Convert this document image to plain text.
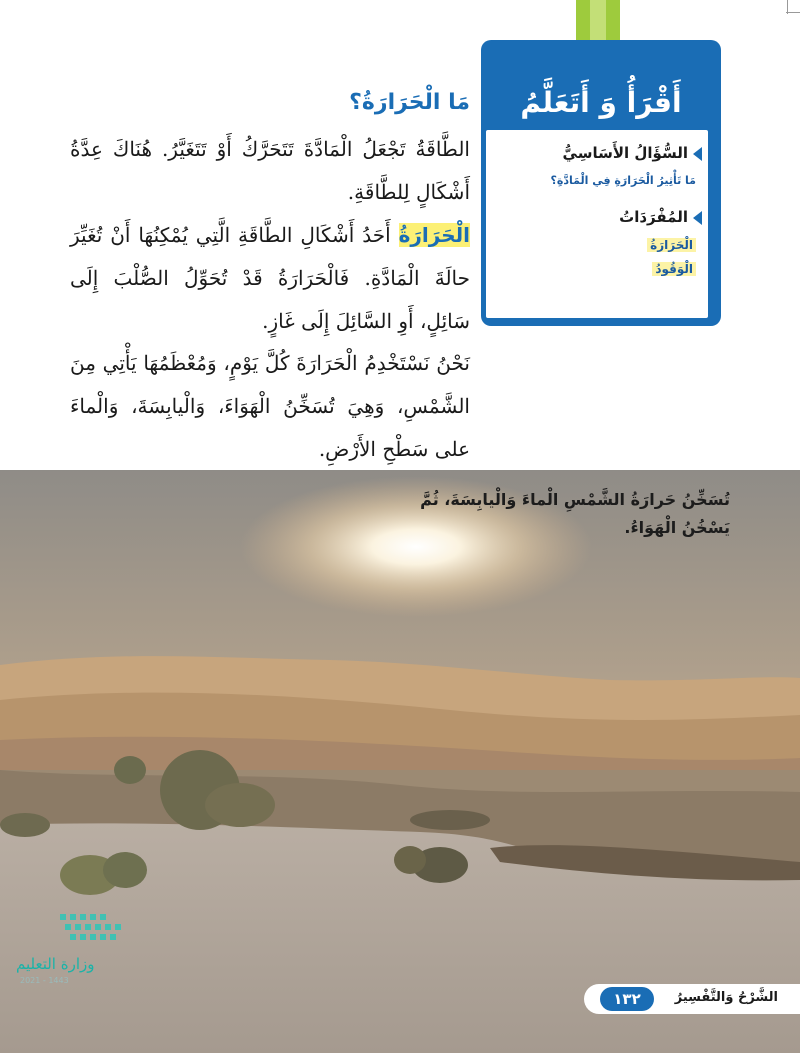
تُسَخِّنُ حَرارَةُ الشَّمْسِ الْماءَ وَالْيابِسَةَ، ثُمَّ يَسْخُنُ الْهَوَاءُ.
أَقْرَأُ وَ أَتَعَلَّمُ
السُّؤَالُ الأَسَاسِيُّ
مَا تَأْثِيرُ الْحَرَارَةِ فِي الْمَادَّةِ؟
المُفْرَدَاتُ
الْحَرَارَةُ
الْوَقُودُ
مَا الْحَرَارَةُ؟
الطَّاقَةُ تَجْعَلُ الْمَادَّةَ تَتَحَرَّكُ أَوْ تَتَغَيَّرُ. هُنَاكَ عِدَّةُ أَشْكَالٍ لِلطَّاقَةِ.
الْحَرَارَةُ أَحَدُ أَشْكَالِ الطَّاقَةِ الَّتِي يُمْكِنُهَا أَنْ تُغَيِّرَ حالَةَ الْمَادَّةِ. فَالْحَرَارَةُ قَدْ تُحَوِّلُ الصُّلْبَ إِلَى سَائِلٍ، أَوِ السَّائِلَ إِلَى غَازٍ.
نَحْنُ نَسْتَخْدِمُ الْحَرَارَةَ كُلَّ يَوْمٍ، وَمُعْظَمُهَا يَأْتِي مِنَ الشَّمْسِ، وَهِيَ تُسَخِّنُ الْهَوَاءَ، وَالْيابِسَةَ، وَالْماءَ على سَطْحِ الأَرْضِ.
وزارة التعليم
2021 - 1443
١٣٢	الشَّرْحُ وَالتَّفْسِيرُ
